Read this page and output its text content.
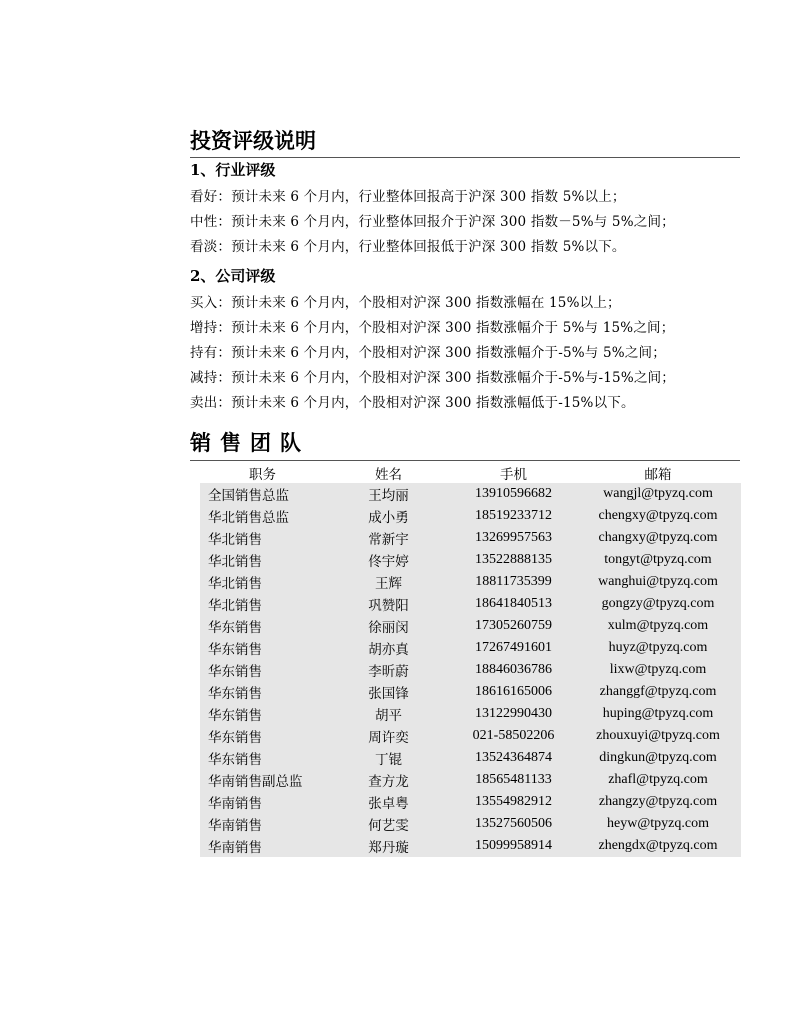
投资评级说明
1、行业评级
看好：预计未来 6 个月内，行业整体回报高于沪深 300 指数 5%以上；
中性：预计未来 6 个月内，行业整体回报介于沪深 300 指数－5%与 5%之间；
看淡：预计未来 6 个月内，行业整体回报低于沪深 300 指数 5%以下。
2、公司评级
买入：预计未来 6 个月内，个股相对沪深 300 指数涨幅在 15%以上；
增持：预计未来 6 个月内，个股相对沪深 300 指数涨幅介于 5%与 15%之间；
持有：预计未来 6 个月内，个股相对沪深 300 指数涨幅介于-5%与 5%之间；
减持：预计未来 6 个月内，个股相对沪深 300 指数涨幅介于-5%与-15%之间；
卖出：预计未来 6 个月内，个股相对沪深 300 指数涨幅低于-15%以下。
销售团队
职务	姓名	手机	邮箱
全国销售总监	王均丽	13910596682	wangjl@tpyzq.com
华北销售总监	成小勇	18519233712	chengxy@tpyzq.com
华北销售	常新宇	13269957563	changxy@tpyzq.com
华北销售	佟宇婷	13522888135	tongyt@tpyzq.com
华北销售	王辉	18811735399	wanghui@tpyzq.com
华北销售	巩赞阳	18641840513	gongzy@tpyzq.com
华东销售	徐丽闵	17305260759	xulm@tpyzq.com
华东销售	胡亦真	17267491601	huyz@tpyzq.com
华东销售	李昕蔚	18846036786	lixw@tpyzq.com
华东销售	张国锋	18616165006	zhanggf@tpyzq.com
华东销售	胡平	13122990430	huping@tpyzq.com
华东销售	周许奕	021-58502206	zhouxuyi@tpyzq.com
华东销售	丁锟	13524364874	dingkun@tpyzq.com
华南销售副总监	查方龙	18565481133	zhafl@tpyzq.com
华南销售	张卓粤	13554982912	zhangzy@tpyzq.com
华南销售	何艺雯	13527560506	heyw@tpyzq.com
华南销售	郑丹璇	15099958914	zhengdx@tpyzq.com
